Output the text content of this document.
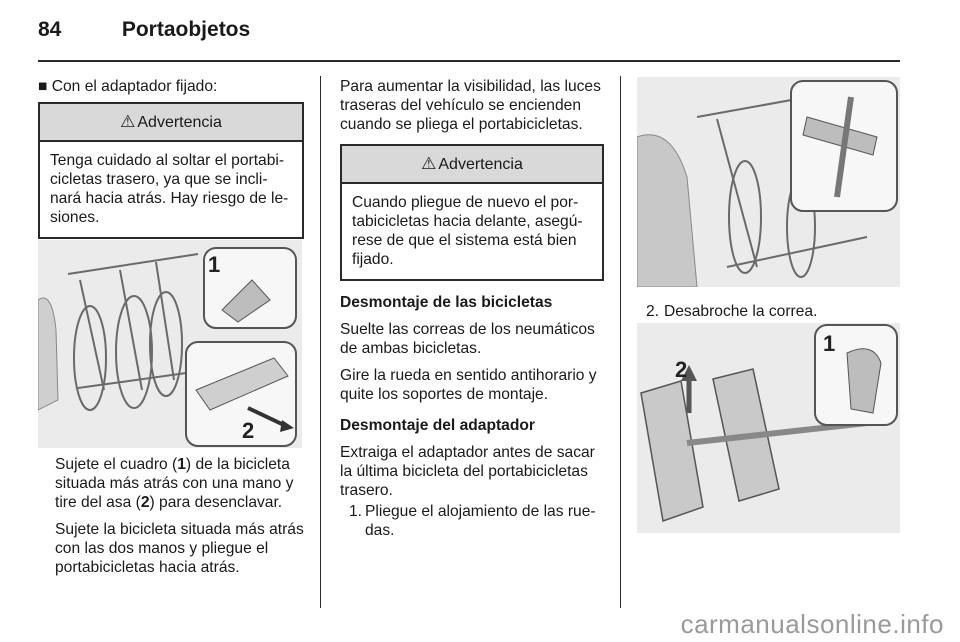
84	Portaobjetos

■ Con el adaptador fijado:

⚠ Advertencia
Tenga cuidado al soltar el portabi-cicletas trasero, ya que se incli-nará hacia atrás. Hay riesgo de le-siones.
1
2

Sujete el cuadro (1) de la bicicleta situada más atrás con una mano y tire del asa (2) para desenclavar.

Sujete la bicicleta situada más atrás con las dos manos y pliegue el portabicicletas hacia atrás.

Para aumentar la visibilidad, las luces traseras del vehículo se encienden cuando se pliega el portabicicletas.

⚠ Advertencia
Cuando pliegue de nuevo el por-tabicicletas hacia delante, asegú-rese de que el sistema está bien fijado.

Desmontaje de las bicicletas

Suelte las correas de los neumáticos de ambas bicicletas.

Gire la rueda en sentido antihorario y quite los soportes de montaje.

Desmontaje del adaptador

Extraiga el adaptador antes de sacar la última bicicleta del portabicicletas trasero.

1. Pliegue el alojamiento de las rue-das.
2. Desabroche la correa.
2
1
carmanualsonline.info
